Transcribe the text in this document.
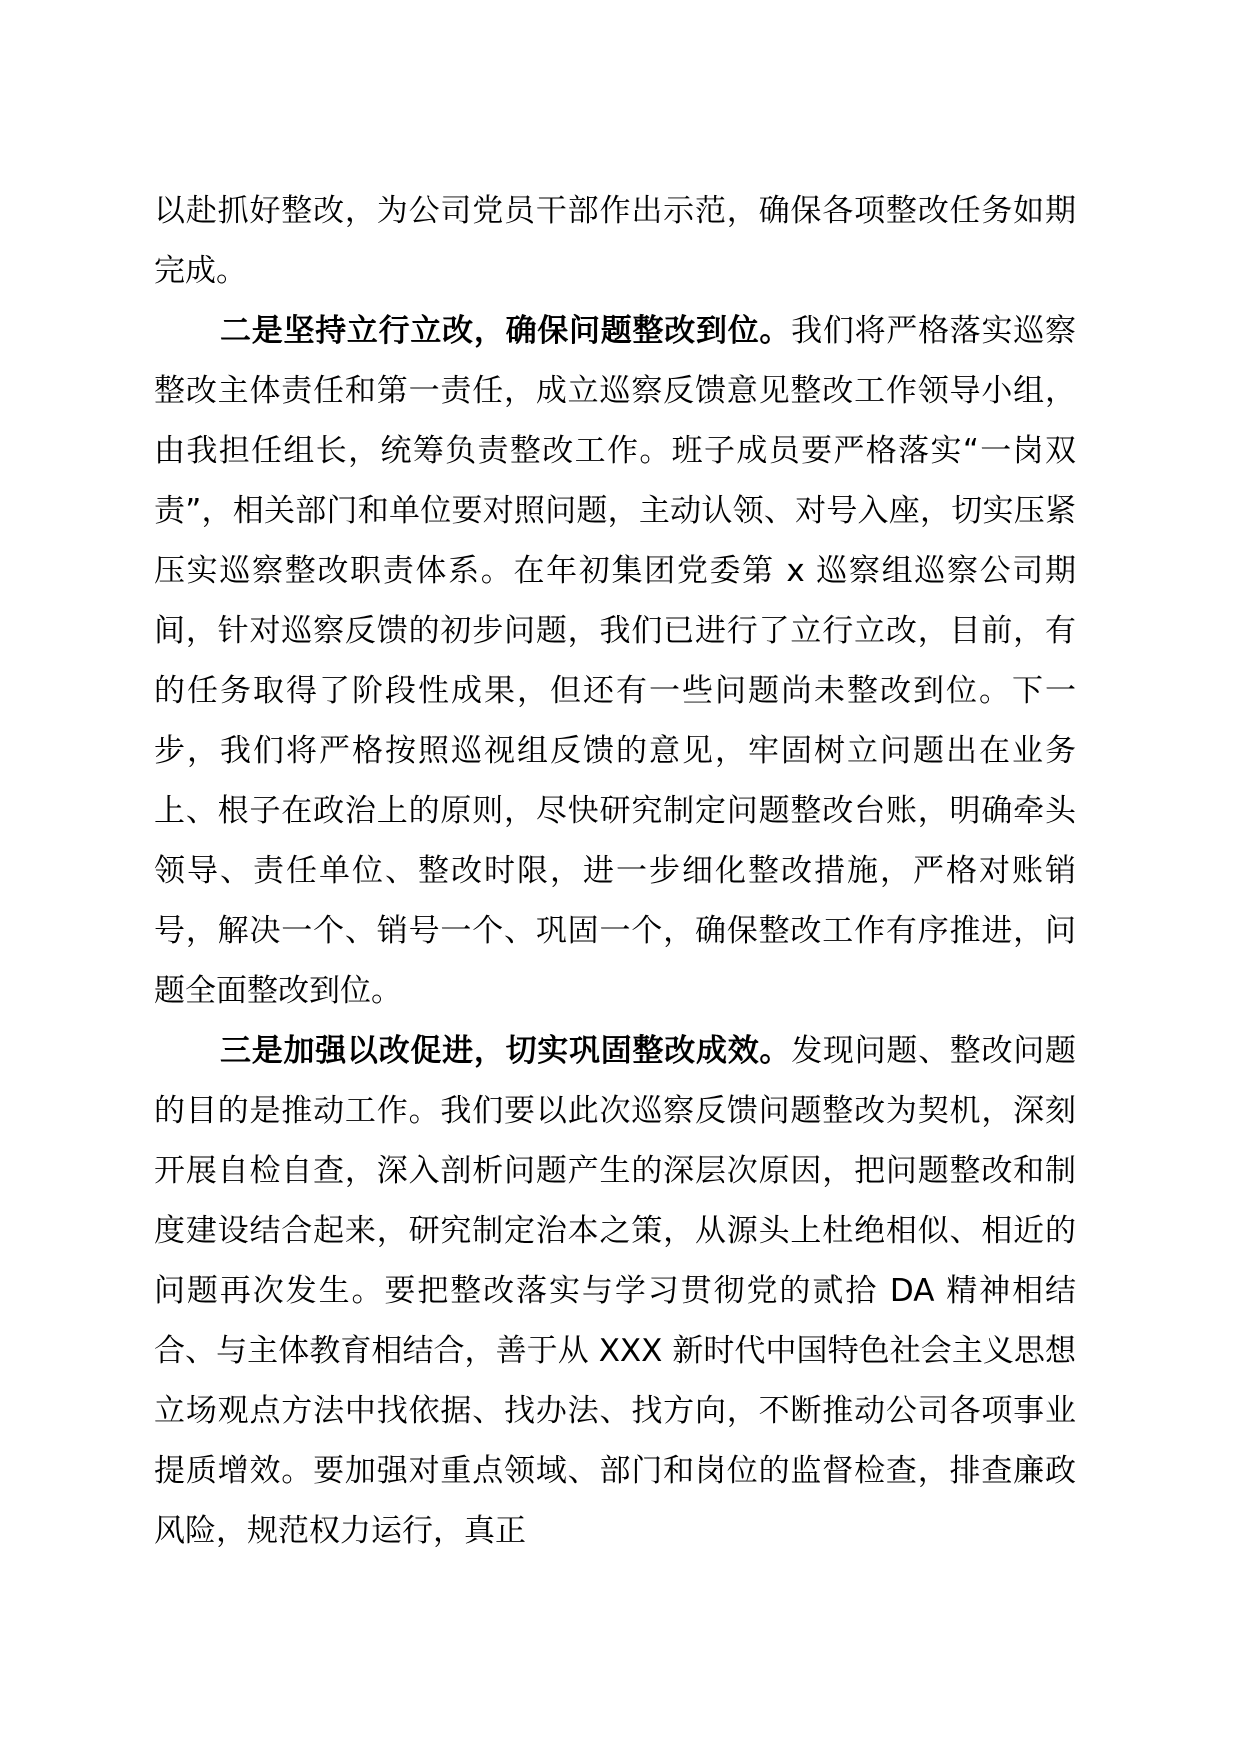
以赴抓好整改，为公司党员干部作出示范，确保各项整改任务如期完成。

二是坚持立行立改，确保问题整改到位。我们将严格落实巡察整改主体责任和第一责任，成立巡察反馈意见整改工作领导小组，由我担任组长，统筹负责整改工作。班子成员要严格落实“一岗双责”，相关部门和单位要对照问题，主动认领、对号入座，切实压紧压实巡察整改职责体系。在年初集团党委第 x 巡察组巡察公司期间，针对巡察反馈的初步问题，我们已进行了立行立改，目前，有的任务取得了阶段性成果，但还有一些问题尚未整改到位。下一步，我们将严格按照巡视组反馈的意见，牢固树立问题出在业务上、根子在政治上的原则，尽快研究制定问题整改台账，明确牵头领导、责任单位、整改时限，进一步细化整改措施，严格对账销号，解决一个、销号一个、巩固一个，确保整改工作有序推进，问题全面整改到位。

三是加强以改促进，切实巩固整改成效。发现问题、整改问题的目的是推动工作。我们要以此次巡察反馈问题整改为契机，深刻开展自检自查，深入剖析问题产生的深层次原因，把问题整改和制度建设结合起来，研究制定治本之策，从源头上杜绝相似、相近的问题再次发生。要把整改落实与学习贯彻党的贰拾 DA 精神相结合、与主体教育相结合，善于从 XXX 新时代中国特色社会主义思想立场观点方法中找依据、找办法、找方向，不断推动公司各项事业提质增效。要加强对重点领域、部门和岗位的监督检查，排查廉政风险，规范权力运行，真正
